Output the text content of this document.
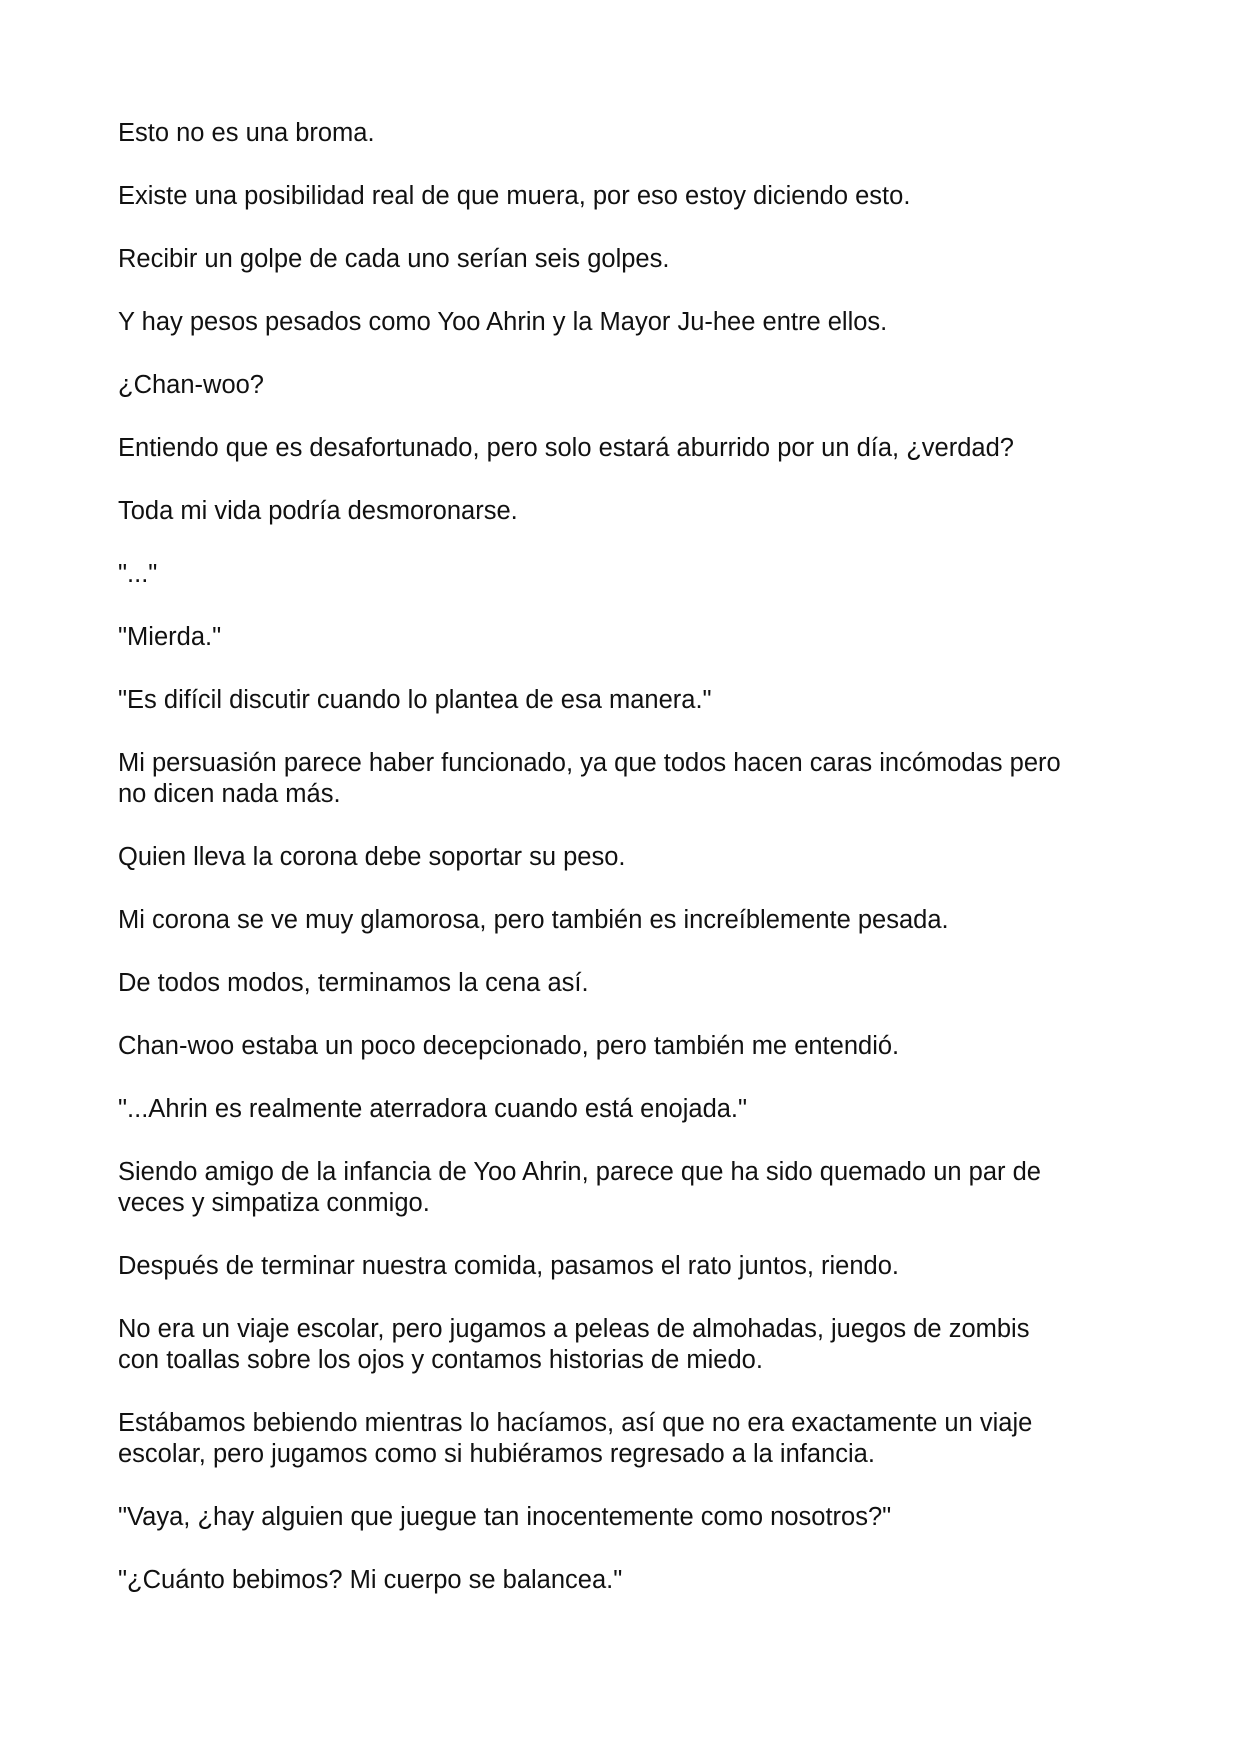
Esto no es una broma.

Existe una posibilidad real de que muera, por eso estoy diciendo esto.

Recibir un golpe de cada uno serían seis golpes.

Y hay pesos pesados como Yoo Ahrin y la Mayor Ju-hee entre ellos.

¿Chan-woo?

Entiendo que es desafortunado, pero solo estará aburrido por un día, ¿verdad?

Toda mi vida podría desmoronarse.

"..."

"Mierda."

"Es difícil discutir cuando lo plantea de esa manera."

Mi persuasión parece haber funcionado, ya que todos hacen caras incómodas pero
no dicen nada más.

Quien lleva la corona debe soportar su peso.

Mi corona se ve muy glamorosa, pero también es increíblemente pesada.

De todos modos, terminamos la cena así.

Chan-woo estaba un poco decepcionado, pero también me entendió.

"...Ahrin es realmente aterradora cuando está enojada."

Siendo amigo de la infancia de Yoo Ahrin, parece que ha sido quemado un par de
veces y simpatiza conmigo.

Después de terminar nuestra comida, pasamos el rato juntos, riendo.

No era un viaje escolar, pero jugamos a peleas de almohadas, juegos de zombis
con toallas sobre los ojos y contamos historias de miedo.

Estábamos bebiendo mientras lo hacíamos, así que no era exactamente un viaje
escolar, pero jugamos como si hubiéramos regresado a la infancia.

"Vaya, ¿hay alguien que juegue tan inocentemente como nosotros?"

"¿Cuánto bebimos? Mi cuerpo se balancea."
